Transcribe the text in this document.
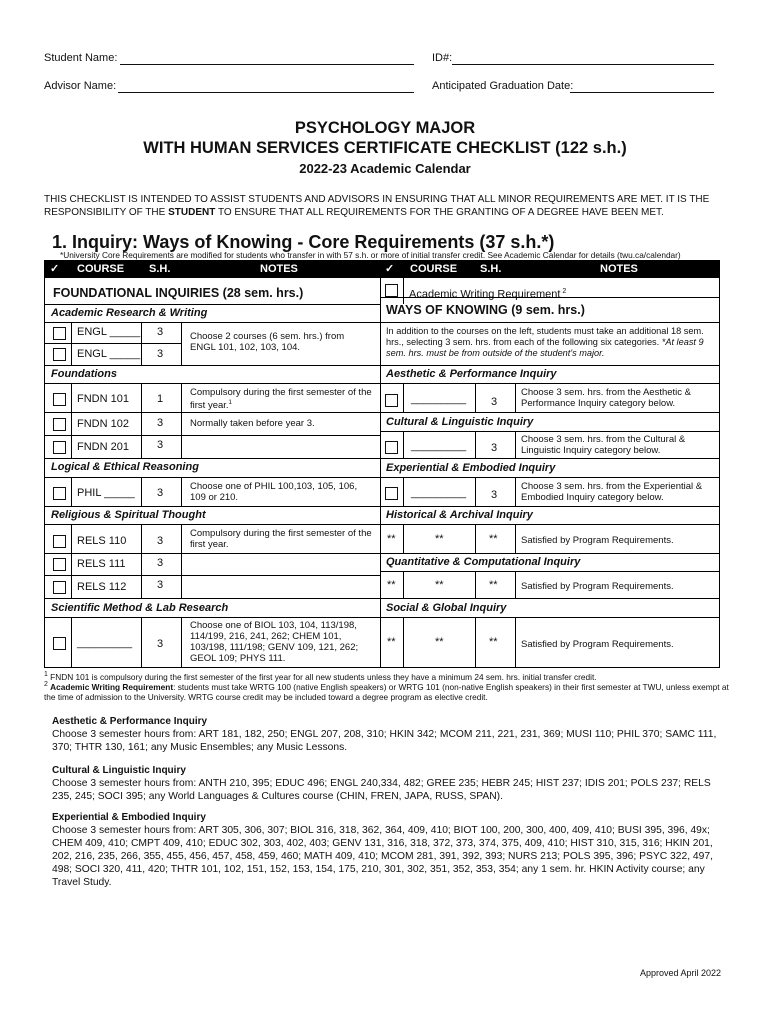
Student Name:	ID#:
Advisor Name:	Anticipated Graduation Date:
PSYCHOLOGY MAJOR
WITH HUMAN SERVICES CERTIFICATE CHECKLIST (122 s.h.)
2022-23 Academic Calendar
THIS CHECKLIST IS INTENDED TO ASSIST STUDENTS AND ADVISORS IN ENSURING THAT ALL MINOR REQUIREMENTS ARE MET. IT IS THE RESPONSIBILITY OF THE STUDENT TO ENSURE THAT ALL REQUIREMENTS FOR THE GRANTING OF A DEGREE HAVE BEEN MET.
1. Inquiry: Ways of Knowing - Core Requirements (37 s.h.*)
*University Core Requirements are modified for students who transfer in with 57 s.h. or more of initial transfer credit. See Academic Calendar for details (twu.ca/calendar)
✓ COURSE S.H.	NOTES	✓ COURSE S.H.	NOTES
FOUNDATIONAL INQUIRIES (28 sem. hrs.)
Academic Research & Writing
ENGL _____ 3
ENGL _____ 3
Choose 2 courses (6 sem. hrs.) from ENGL 101, 102, 103, 104.
Foundations
FNDN 101	1
Compulsory during the first semester of the first year.$^1$
FNDN 102	3	Normally taken before year 3.
FNDN 201	3
Logical & Ethical Reasoning
PHIL _____ 3
Choose one of PHIL 100,103, 105, 106, 109 or 210.
Religious & Spiritual Thought
RELS 110	3
Compulsory during the first semester of the first year.
RELS 111	3
RELS 112	3
Scientific Method & Lab Research
_________ 3
Choose one of BIOL 103, 104, 113/198, 114/199, 216, 241, 262; CHEM 101, 103/198, 111/198; GENV 109, 121, 262; GEOL 109; PHYS 111.
Academic Writing Requirement $^2$
WAYS OF KNOWING (9 sem. hrs.)
In addition to the courses on the left, students must take an additional 18 sem. hrs., selecting 3 sem. hrs. from each of the following six categories. *At least 9 sem. hrs. must be from outside of the student's major.
Aesthetic & Performance Inquiry
_________ 3
Choose 3 sem. hrs. from the Aesthetic & Performance Inquiry category below.
Cultural & Linguistic Inquiry
_________ 3
Choose 3 sem. hrs. from the Cultural & Linguistic Inquiry category below.
Experiential & Embodied Inquiry
_________ 3
Choose 3 sem. hrs. from the Experiential & Embodied Inquiry category below.
Historical & Archival Inquiry
**	**	** Satisfied by Program Requirements.
Quantitative & Computational Inquiry
**	**	** Satisfied by Program Requirements.
Social & Global Inquiry
**	**	** Satisfied by Program Requirements.
$^1$ FNDN 101 is compulsory during the first semester of the first year for all new students unless they have a minimum 24 sem. hrs. initial transfer credit.
$^2$ Academic Writing Requirement: students must take WRTG 100 (native English speakers) or WRTG 101 (non-native English speakers) in their first semester at TWU, unless exempt at the time of admission to the University. WRTG course credit may be included toward a degree program as elective credit.
Aesthetic & Performance Inquiry
Choose 3 semester hours from: ART 181, 182, 250; ENGL 207, 208, 310; HKIN 342; MCOM 211, 221, 231, 369; MUSI 110; PHIL 370; SAMC 111, 370; THTR 130, 161; any Music Ensembles; any Music Lessons.
Cultural & Linguistic Inquiry
Choose 3 semester hours from: ANTH 210, 395; EDUC 496; ENGL 240,334, 482; GREE 235; HEBR 245; HIST 237; IDIS 201; POLS 237; RELS 235, 245; SOCI 395; any World Languages & Cultures course (CHIN, FREN, JAPA, RUSS, SPAN).
Experiential & Embodied Inquiry
Choose 3 semester hours from: ART 305, 306, 307; BIOL 316, 318, 362, 364, 409, 410; BIOT 100, 200, 300, 400, 409, 410; BUSI 395, 396, 49x; CHEM 409, 410; CMPT 409, 410; EDUC 302, 303, 402, 403; GENV 131, 316, 318, 372, 373, 374, 375, 409, 410; HIST 310, 315, 316; HKIN 201, 202, 216, 235, 266, 355, 455, 456, 457, 458, 459, 460; MATH 409, 410; MCOM 281, 391, 392, 393; NURS 213; POLS 395, 396; PSYC 322, 497, 498; SOCI 320, 411, 420; THTR 101, 102, 151, 152, 153, 154, 175, 210, 301, 302, 351, 352, 353, 354; any 1 sem. hr. HKIN Activity course; any Travel Study.
Approved April 2022
